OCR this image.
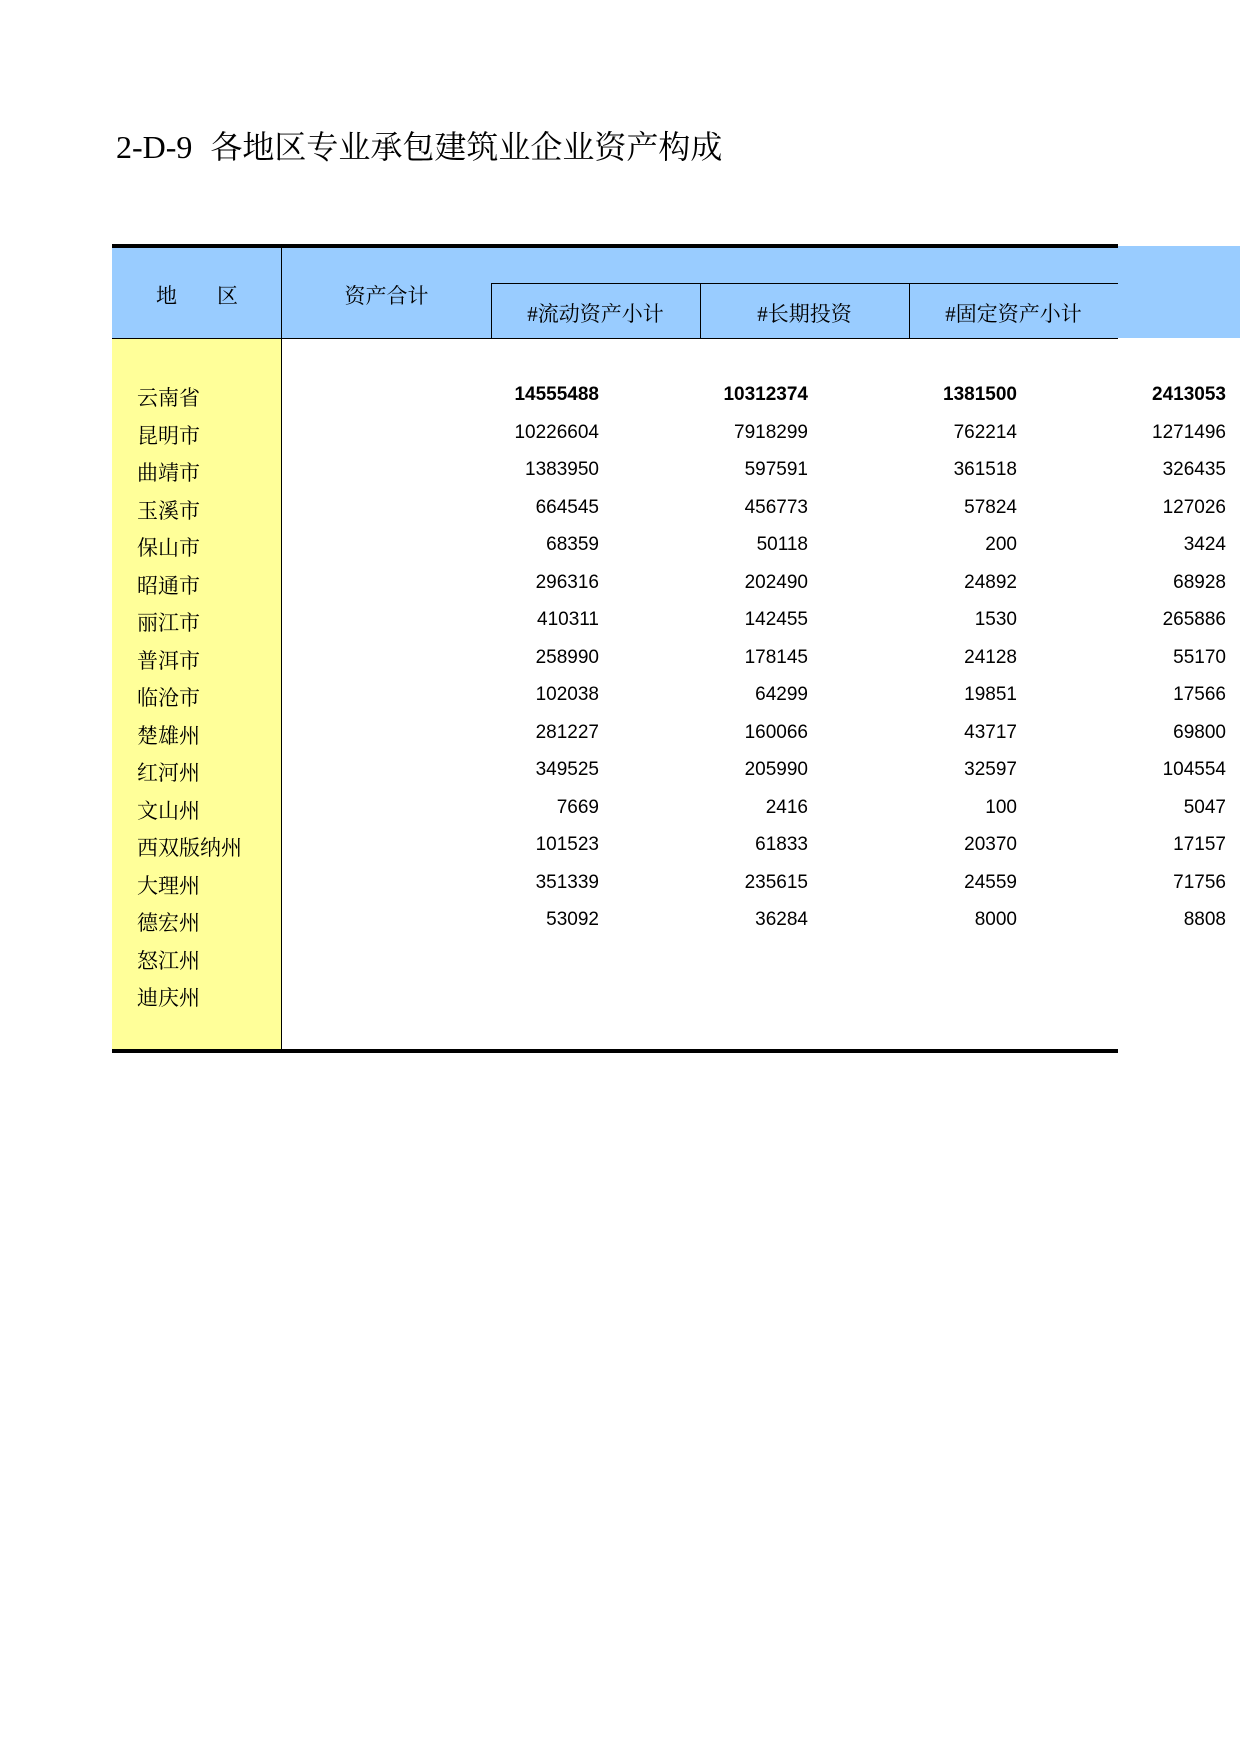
2-D-9 各地区专业承包建筑业企业资产构成
地区	资产合计
#流动资产小计	#长期投资	#固定资产小计
云南省	14555488	10312374	1381500	2413053
昆明市	10226604	7918299	762214	1271496
曲靖市	1383950	597591	361518	326435
玉溪市	664545	456773	57824	127026
保山市	68359	50118	200	3424
昭通市	296316	202490	24892	68928
丽江市	410311	142455	1530	265886
普洱市	258990	178145	24128	55170
临沧市	102038	64299	19851	17566
楚雄州	281227	160066	43717	69800
红河州	349525	205990	32597	104554
文山州	7669	2416	100	5047
西双版纳州	101523	61833	20370	17157
大理州	351339	235615	24559	71756
德宏州	53092	36284	8000	8808
怒江州
迪庆州
